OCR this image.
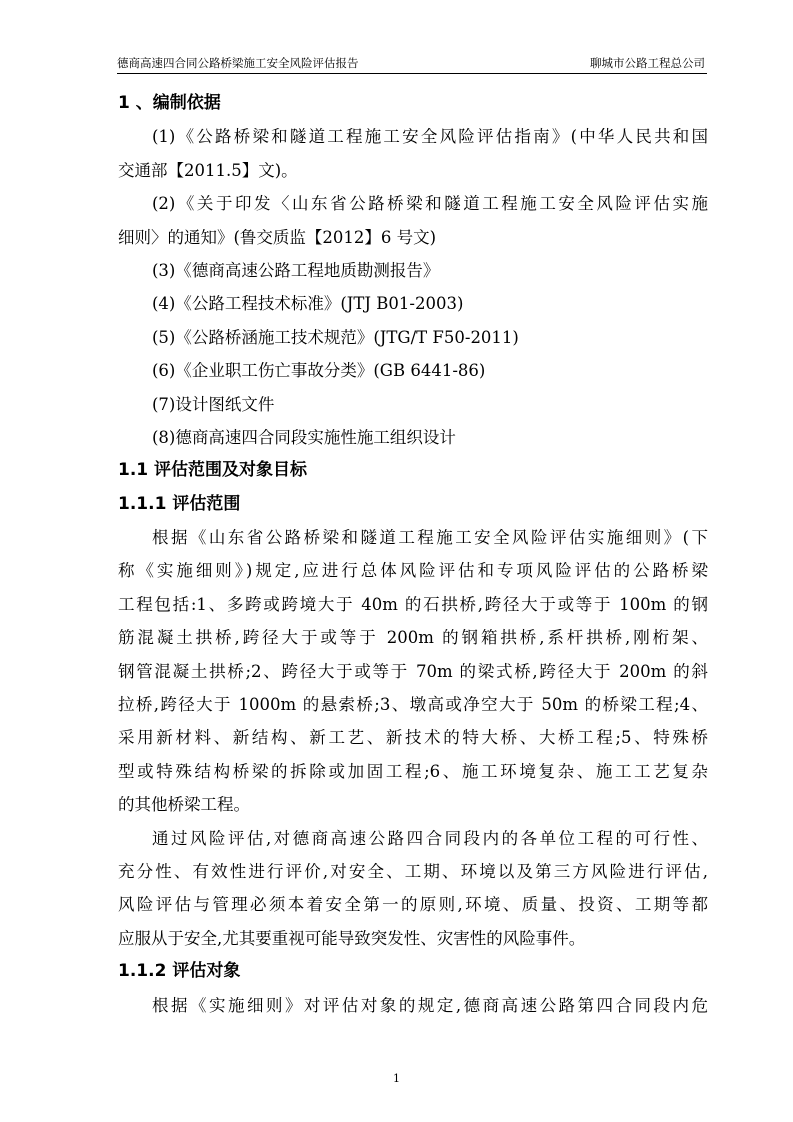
德商高速四合同公路桥梁施工安全风险评估报告	聊城市公路工程总公司
1 、编制依据
(1)《公路桥梁和隧道工程施工安全风险评估指南》(中华人民共和国
交通部【2011.5】文)。
(2)《关于印发〈山东省公路桥梁和隧道工程施工安全风险评估实施
细则〉的通知》(鲁交质监【2012】6 号文)
(3)《德商高速公路工程地质勘测报告》
(4)《公路工程技术标准》(JTJ B01-2003)
(5)《公路桥涵施工技术规范》(JTG/T F50-2011)
(6)《企业职工伤亡事故分类》(GB 6441-86)
(7)设计图纸文件
(8)德商高速四合同段实施性施工组织设计
1.1 评估范围及对象目标
1.1.1 评估范围
根据《山东省公路桥梁和隧道工程施工安全风险评估实施细则》(下
称《实施细则》)规定,应进行总体风险评估和专项风险评估的公路桥梁
工程包括:1、多跨或跨境大于 40m 的石拱桥,跨径大于或等于 100m 的钢
筋混凝土拱桥,跨径大于或等于 200m 的钢箱拱桥,系杆拱桥,刚桁架、
钢管混凝土拱桥;2、跨径大于或等于 70m 的梁式桥,跨径大于 200m 的斜
拉桥,跨径大于 1000m 的悬索桥;3、墩高或净空大于 50m 的桥梁工程;4、
采用新材料、新结构、新工艺、新技术的特大桥、大桥工程;5、特殊桥
型或特殊结构桥梁的拆除或加固工程;6、施工环境复杂、施工工艺复杂
的其他桥梁工程。
通过风险评估,对德商高速公路四合同段内的各单位工程的可行性、
充分性、有效性进行评价,对安全、工期、环境以及第三方风险进行评估,
风险评估与管理必须本着安全第一的原则,环境、质量、投资、工期等都
应服从于安全,尤其要重视可能导致突发性、灾害性的风险事件。
1.1.2 评估对象
根据《实施细则》对评估对象的规定,德商高速公路第四合同段内危
1
